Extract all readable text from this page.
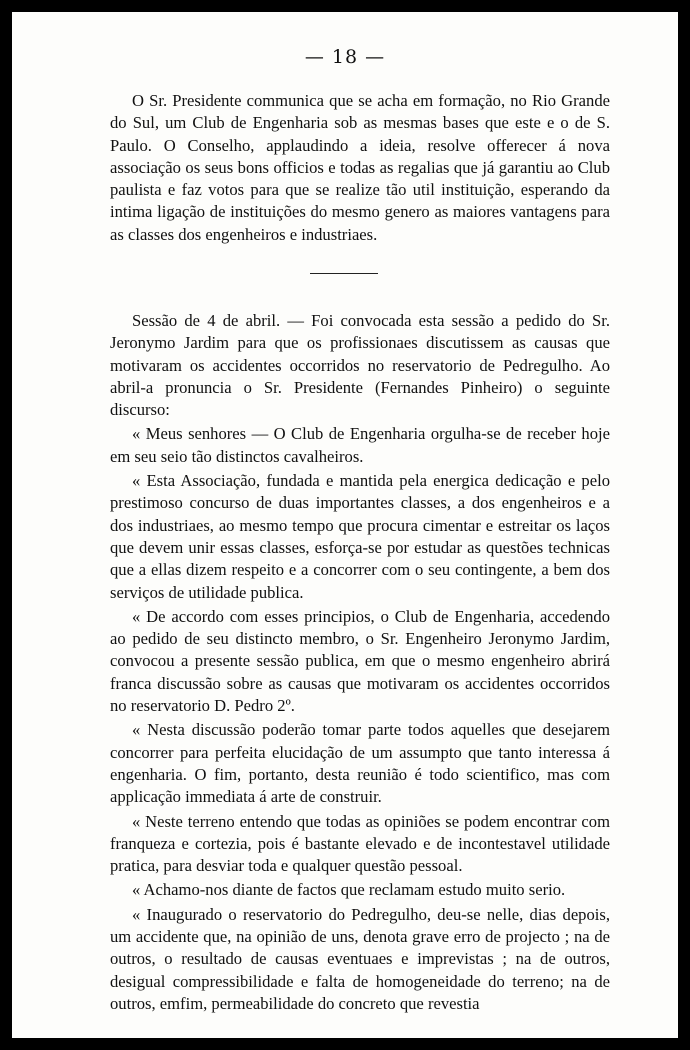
— 18 —

O Sr. Presidente communica que se acha em formação, no Rio Grande do Sul, um Club de Engenharia sob as mesmas bases que este e o de S. Paulo. O Conselho, applaudindo a ideia, resolve offerecer á nova associação os seus bons officios e todas as regalias que já garantiu ao Club paulista e faz votos para que se realize tão util instituição, esperando da intima ligação de instituições do mesmo genero as maiores vantagens para as classes dos engenheiros e industriaes.

Sessão de 4 de abril. — Foi convocada esta sessão a pedido do Sr. Jeronymo Jardim para que os profissionaes discutissem as causas que motivaram os accidentes occorridos no reservatorio de Pedregulho. Ao abril-a pronuncia o Sr. Presidente (Fernandes Pinheiro) o seguinte discurso:

« Meus senhores — O Club de Engenharia orgulha-se de receber hoje em seu seio tão distinctos cavalheiros.

« Esta Associação, fundada e mantida pela energica dedicação e pelo prestimoso concurso de duas importantes classes, a dos engenheiros e a dos industriaes, ao mesmo tempo que procura cimentar e estreitar os laços que devem unir essas classes, esforça-se por estudar as questões technicas que a ellas dizem respeito e a concorrer com o seu contingente, a bem dos serviços de utilidade publica.

« De accordo com esses principios, o Club de Engenharia, accedendo ao pedido de seu distincto membro, o Sr. Engenheiro Jeronymo Jardim, convocou a presente sessão publica, em que o mesmo engenheiro abrirá franca discussão sobre as causas que motivaram os accidentes occorridos no reservatorio D. Pedro 2º.

« Nesta discussão poderão tomar parte todos aquelles que desejarem concorrer para perfeita elucidação de um assumpto que tanto interessa á engenharia. O fim, portanto, desta reunião é todo scientifico, mas com applicação immediata á arte de construir.

« Neste terreno entendo que todas as opiniões se podem encontrar com franqueza e cortezia, pois é bastante elevado e de incontestavel utilidade pratica, para desviar toda e qualquer questão pessoal.

« Achamo-nos diante de factos que reclamam estudo muito serio.

« Inaugurado o reservatorio do Pedregulho, deu-se nelle, dias depois, um accidente que, na opinião de uns, denota grave erro de projecto ; na de outros, o resultado de causas eventuaes e imprevistas ; na de outros, desigual compressibilidade e falta de homogeneidade do terreno; na de outros, emfim, permeabilidade do concreto que revestia
